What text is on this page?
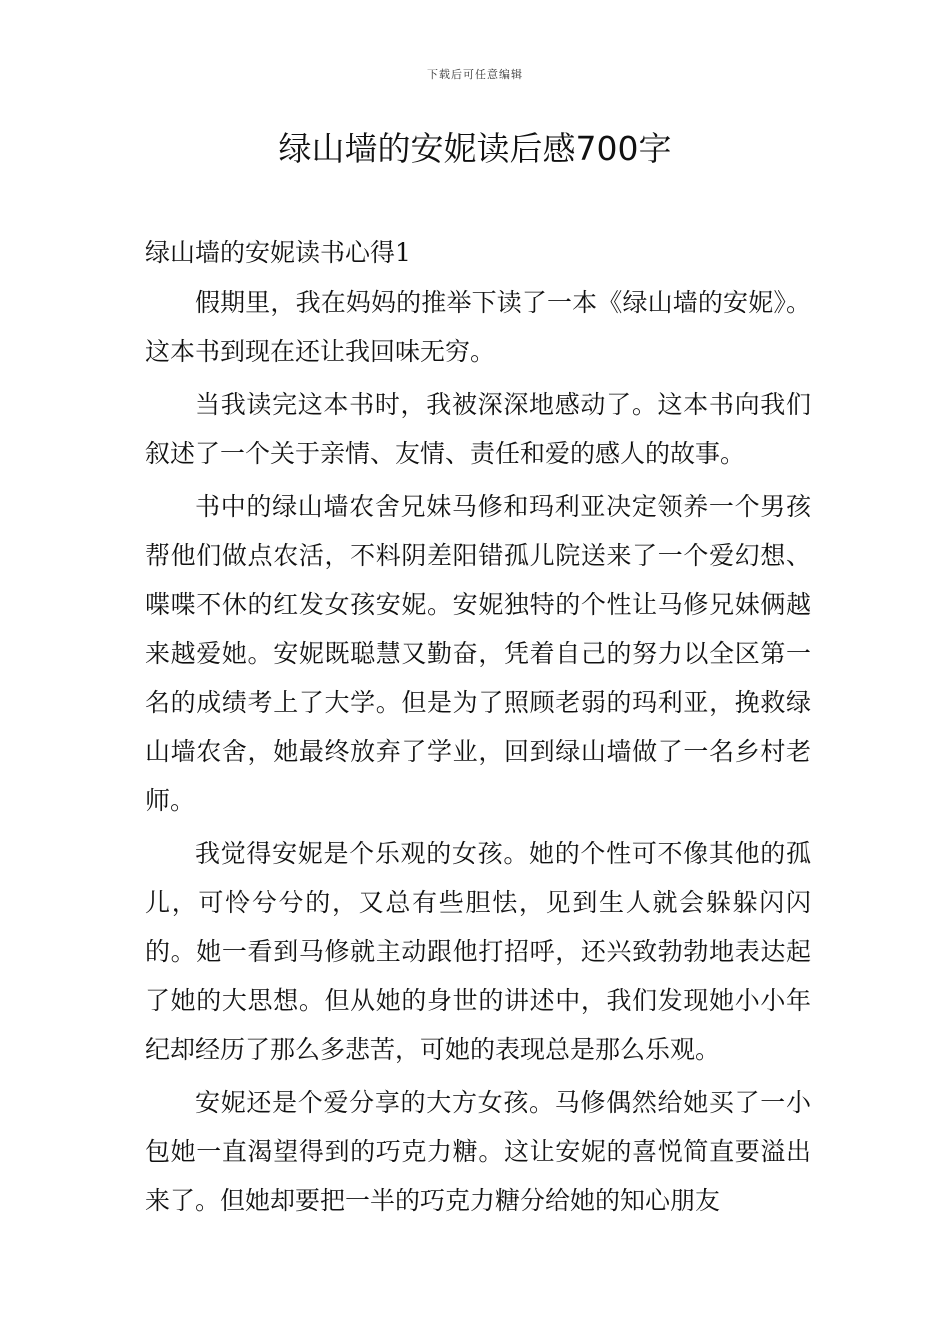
下载后可任意编辑
绿山墙的安妮读后感700字

绿山墙的安妮读书心得1

假期里，我在妈妈的推举下读了一本《绿山墙的安妮》。这本书到现在还让我回味无穷。

当我读完这本书时，我被深深地感动了。这本书向我们叙述了一个关于亲情、友情、责任和爱的感人的故事。

书中的绿山墙农舍兄妹马修和玛利亚决定领养一个男孩帮他们做点农活，不料阴差阳错孤儿院送来了一个爱幻想、喋喋不休的红发女孩安妮。安妮独特的个性让马修兄妹俩越来越爱她。安妮既聪慧又勤奋，凭着自己的努力以全区第一名的成绩考上了大学。但是为了照顾老弱的玛利亚，挽救绿山墙农舍，她最终放弃了学业，回到绿山墙做了一名乡村老师。

我觉得安妮是个乐观的女孩。她的个性可不像其他的孤儿，可怜兮兮的，又总有些胆怯，见到生人就会躲躲闪闪的。她一看到马修就主动跟他打招呼，还兴致勃勃地表达起了她的大思想。但从她的身世的讲述中，我们发现她小小年纪却经历了那么多悲苦，可她的表现总是那么乐观。

安妮还是个爱分享的大方女孩。马修偶然给她买了一小包她一直渴望得到的巧克力糖。这让安妮的喜悦简直要溢出来了。但她却要把一半的巧克力糖分给她的知心朋友
